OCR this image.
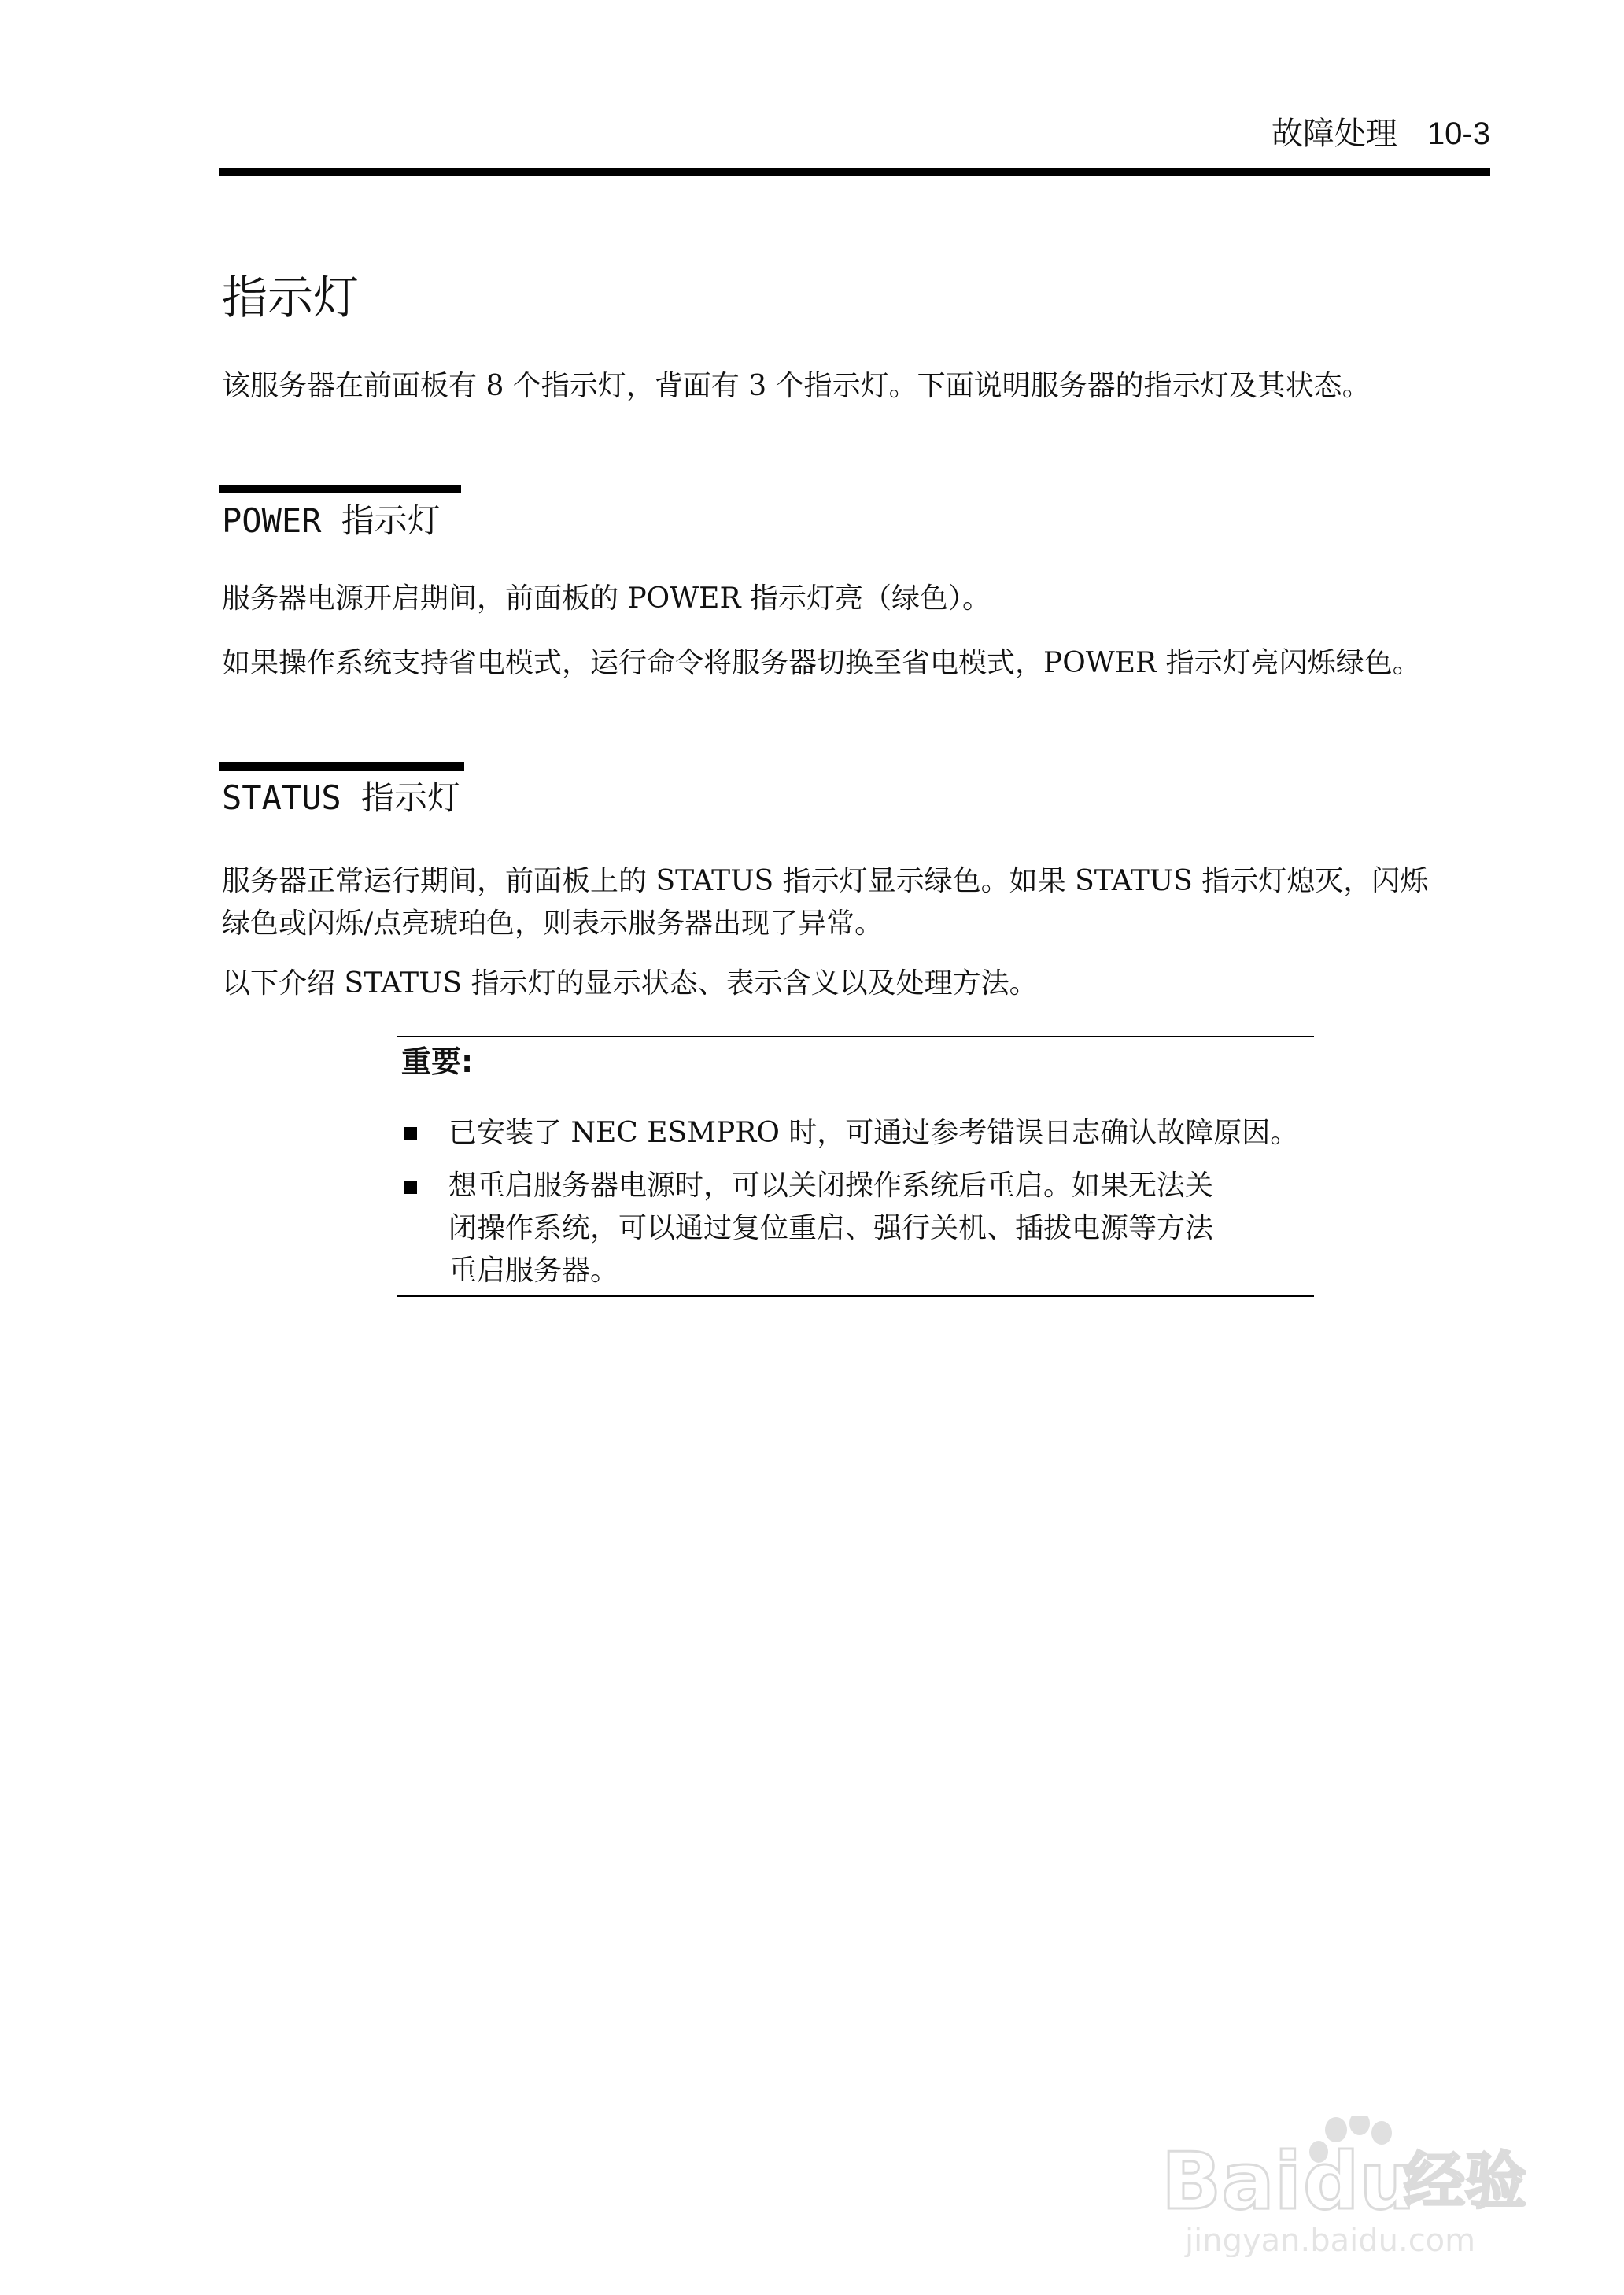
故障处理 10-3
指示灯
该服务器在前面板有 8 个指示灯，背面有 3 个指示灯。下面说明服务器的指示灯及其状态。
POWER 指示灯
服务器电源开启期间，前面板的 POWER 指示灯亮（绿色）。
如果操作系统支持省电模式，运行命令将服务器切换至省电模式，POWER 指示灯亮闪烁绿色。
STATUS 指示灯
服务器正常运行期间，前面板上的 STATUS 指示灯显示绿色。如果 STATUS 指示灯熄灭，闪烁
绿色或闪烁/点亮琥珀色，则表示服务器出现了异常。
以下介绍 STATUS 指示灯的显示状态、表示含义以及处理方法。
重要:
已安装了 NEC ESMPRO 时，可通过参考错误日志确认故障原因。
想重启服务器电源时，可以关闭操作系统后重启。如果无法关
闭操作系统，可以通过复位重启、强行关机、插拔电源等方法
重启服务器。
Bai du
经验
jingyan.baidu.com
